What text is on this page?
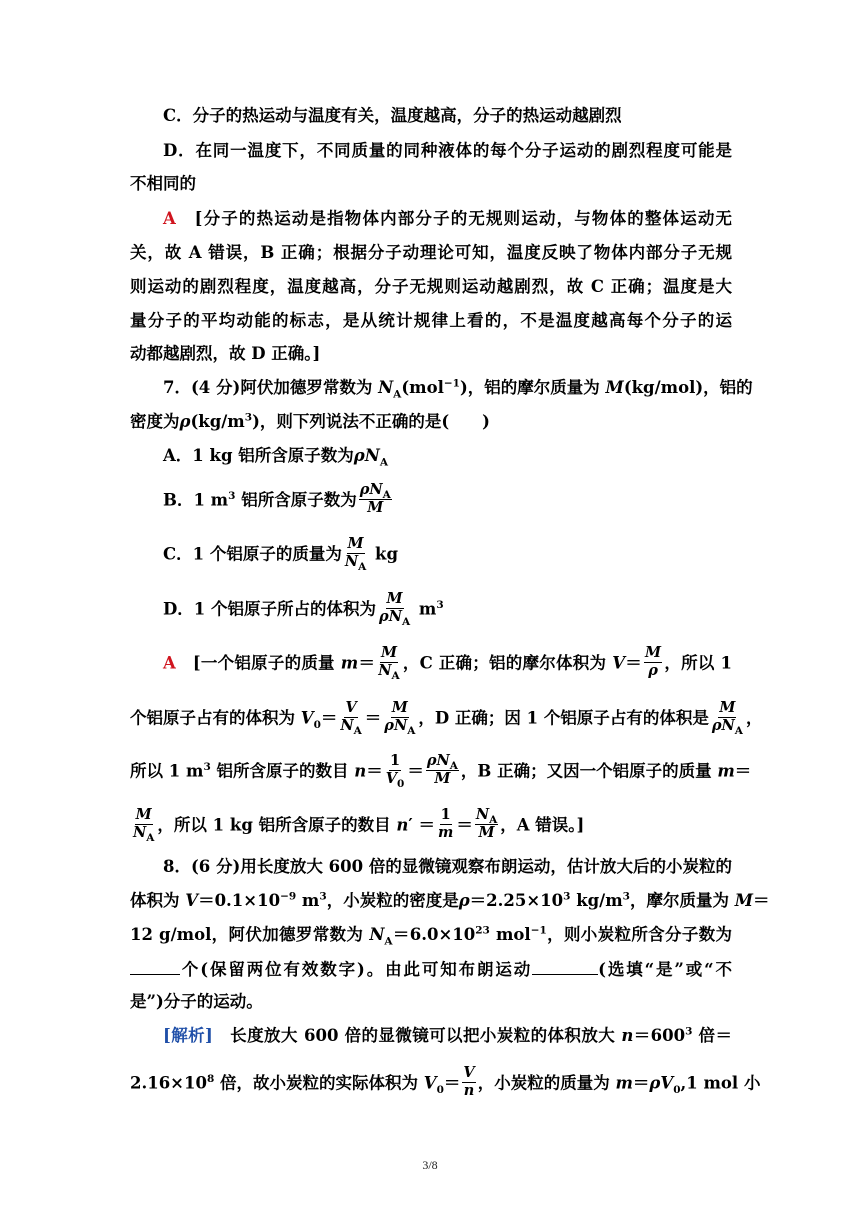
C．分子的热运动与温度有关，温度越高，分子的热运动越剧烈
D．在同一温度下，不同质量的同种液体的每个分子运动的剧烈程度可能是
不相同的
A　 [分子的热运动是指物体内部分子的无规则运动，与物体的整体运动无
关，故 A 错误，B 正确；根据分子动理论可知，温度反映了物体内部分子无规
则运动的剧烈程度，温度越高，分子无规则运动越剧烈，故 C 正确；温度是大
量分子的平均动能的标志，是从统计规律上看的，不是温度越高每个分子的运
动都越剧烈，故 D 正确。]
7．(4 分)阿伏加德罗常数为 $N_A(mol^{-1})$，铝的摩尔质量为 M(kg/mol)，铝的
密度为$\rho(kg/m^3)$，则下列说法不正确的是(　　)
A．1 kg 铝所含原子数为$\rho N_A$
B．1 $m^3$ 铝所含原子数为 $\frac{\rho N_A}{M}$
C．1 个铝原子的质量为 $\frac{M}{N_A}$ kg
D．1 个铝原子所占的体积为 $\frac{M}{\rho N_A} m^3$
A　 [一个铝原子的质量 $m= \frac{M}{N_A}$ ，C 正确；铝的摩尔体积为 $V= \frac{M}{\rho}$ ，所以 1
个铝原子占有的体积为 $V_0= \frac{V}{N_A} = \frac{M}{\rho N_A}$ ，D 正确；因 1 个铝原子占有的体积是 $\frac{M}{\rho N_A}$ ，
所以 1 $m^3$ 铝所含原子的数目 $n= \frac{1}{V_0} = \frac{\rho N_A}{M}$ ，B 正确；又因一个铝原子的质量 m＝
$\frac{M}{N_A}$ ，所以 1 kg 铝所含原子的数目 $n' = \frac{1}{m} = \frac{N_A}{M}$ ，A 错误。]
8．(6 分)用长度放大 600 倍的显微镜观察布朗运动，估计放大后的小炭粒的
体积为 $V=0.1\times 10^{-9}$ $m^3$，小炭粒的密度是$\rho=2.25\times 10^3$ $kg/m^3$，摩尔质量为 M＝
12 g/mol，阿伏加德罗常数为 $N_A=6.0\times 10^{23}$ mol$^{-1}$，则小炭粒所含分子数为
个(保留两位有效数字)。由此可知布朗运动	(选填“是”或“不
是”)分子的运动。
[解析]　长度放大 600 倍的显微镜可以把小炭粒的体积放大 $n=600^3$ 倍＝
$2.16\times 10^8$ 倍，故小炭粒的实际体积为 $V_0= \frac{V}{n}$ ，小炭粒的质量为 $m=\rho V_0,1$ mol 小
3/8
